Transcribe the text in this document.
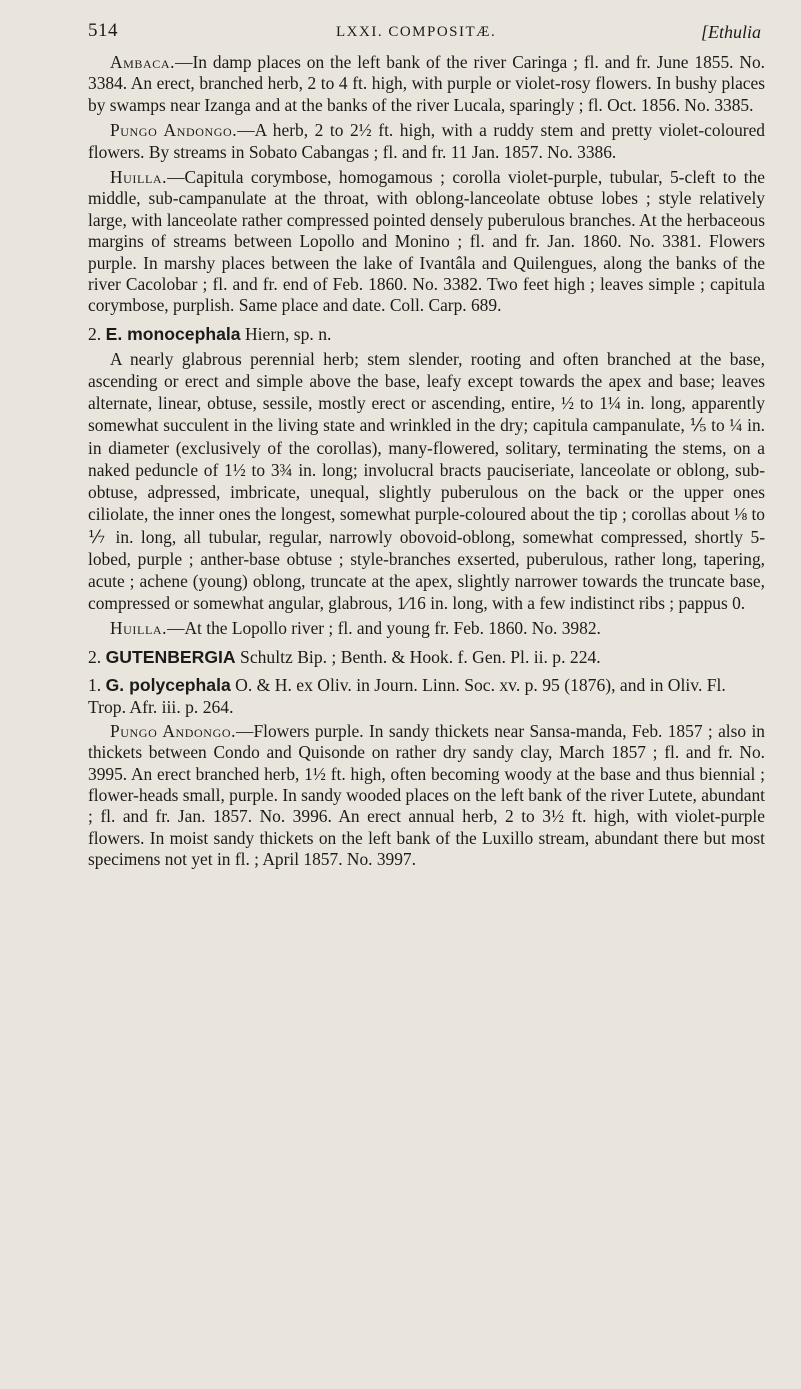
514	LXXI. COMPOSITÆ.	[Ethulia

Ambaca.—In damp places on the left bank of the river Caringa ; fl. and fr. June 1855. No. 3384. An erect, branched herb, 2 to 4 ft. high, with purple or violet-rosy flowers. In bushy places by swamps near Izanga and at the banks of the river Lucala, sparingly ; fl. Oct. 1856. No. 3385.

Pungo Andongo.—A herb, 2 to 2½ ft. high, with a ruddy stem and pretty violet-coloured flowers. By streams in Sobato Cabangas ; fl. and fr. 11 Jan. 1857. No. 3386.

Huilla.—Capitula corymbose, homogamous ; corolla violet-purple, tubular, 5-cleft to the middle, sub-campanulate at the throat, with oblong-lanceolate obtuse lobes ; style relatively large, with lanceolate rather compressed pointed densely puberulous branches. At the herbaceous margins of streams between Lopollo and Monino ; fl. and fr. Jan. 1860. No. 3381. Flowers purple. In marshy places between the lake of Ivantâla and Quilengues, along the banks of the river Cacolobar ; fl. and fr. end of Feb. 1860. No. 3382. Two feet high ; leaves simple ; capitula corymbose, purplish. Same place and date. Coll. Carp. 689.

2. E. monocephala Hiern, sp. n.

A nearly glabrous perennial herb; stem slender, rooting and often branched at the base, ascending or erect and simple above the base, leafy except towards the apex and base; leaves alternate, linear, obtuse, sessile, mostly erect or ascending, entire, ½ to 1¼ in. long, apparently somewhat succulent in the living state and wrinkled in the dry; capitula campanulate, ⅕ to ¼ in. in diameter (exclusively of the corollas), many-flowered, solitary, terminating the stems, on a naked peduncle of 1½ to 3¾ in. long; involucral bracts pauciseriate, lanceolate or oblong, sub-obtuse, adpressed, imbricate, unequal, slightly puberulous on the back or the upper ones ciliolate, the inner ones the longest, somewhat purple-coloured about the tip ; corollas about ⅛ to ⅐ in. long, all tubular, regular, narrowly obovoid-oblong, somewhat compressed, shortly 5-lobed, purple ; anther-base obtuse ; style-branches exserted, puberulous, rather long, tapering, acute ; achene (young) oblong, truncate at the apex, slightly narrower towards the truncate base, compressed or somewhat angular, glabrous, 1⁄16 in. long, with a few indistinct ribs ; pappus 0.

Huilla.—At the Lopollo river ; fl. and young fr. Feb. 1860. No. 3982.

2. GUTENBERGIA Schultz Bip. ; Benth. & Hook. f. Gen. Pl. ii. p. 224.

1. G. polycephala O. & H. ex Oliv. in Journ. Linn. Soc. xv. p. 95 (1876), and in Oliv. Fl. Trop. Afr. iii. p. 264.

Pungo Andongo.—Flowers purple. In sandy thickets near Sansa-manda, Feb. 1857 ; also in thickets between Condo and Quisonde on rather dry sandy clay, March 1857 ; fl. and fr. No. 3995. An erect branched herb, 1½ ft. high, often becoming woody at the base and thus biennial ; flower-heads small, purple. In sandy wooded places on the left bank of the river Lutete, abundant ; fl. and fr. Jan. 1857. No. 3996. An erect annual herb, 2 to 3½ ft. high, with violet-purple flowers. In moist sandy thickets on the left bank of the Luxillo stream, abundant there but most specimens not yet in fl. ; April 1857. No. 3997.
